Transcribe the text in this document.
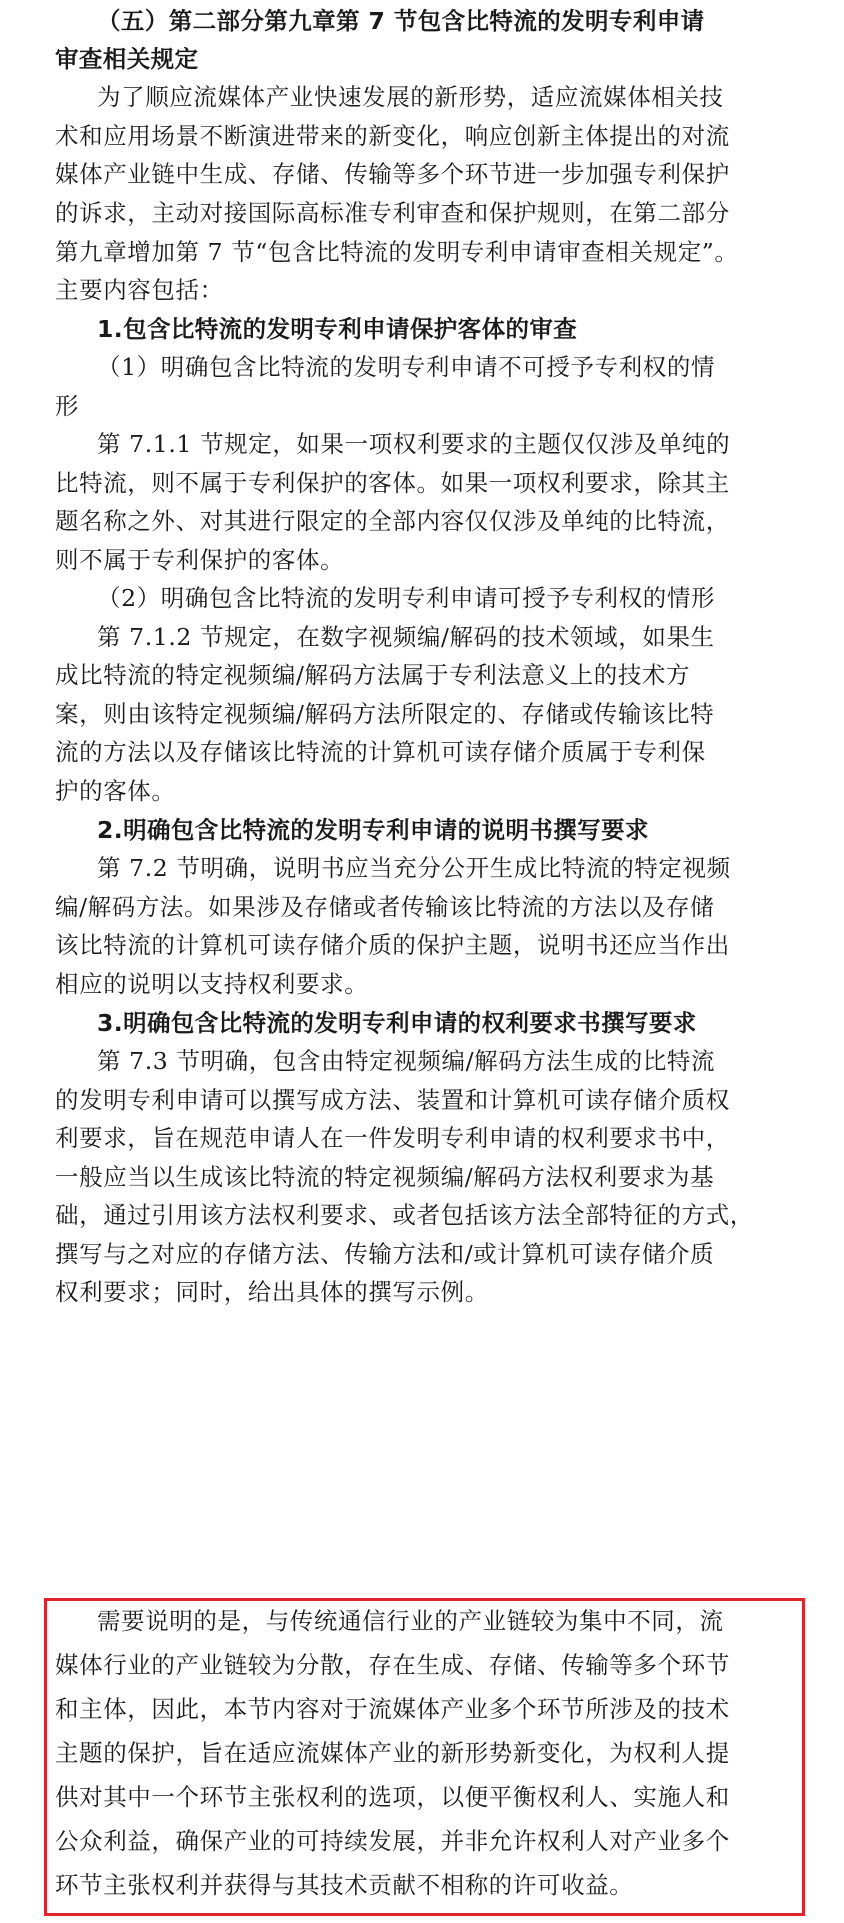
（五）第二部分第九章第 7 节包含比特流的发明专利申请
审查相关规定
为了顺应流媒体产业快速发展的新形势，适应流媒体相关技
术和应用场景不断演进带来的新变化，响应创新主体提出的对流
媒体产业链中生成、存储、传输等多个环节进一步加强专利保护
的诉求，主动对接国际高标准专利审查和保护规则，在第二部分
第九章增加第 7 节“包含比特流的发明专利申请审查相关规定”。
主要内容包括：
1.包含比特流的发明专利申请保护客体的审查
（1）明确包含比特流的发明专利申请不可授予专利权的情
形
第 7.1.1 节规定，如果一项权利要求的主题仅仅涉及单纯的
比特流，则不属于专利保护的客体。如果一项权利要求，除其主
题名称之外、对其进行限定的全部内容仅仅涉及单纯的比特流，
则不属于专利保护的客体。
（2）明确包含比特流的发明专利申请可授予专利权的情形
第 7.1.2 节规定，在数字视频编/解码的技术领域，如果生
成比特流的特定视频编/解码方法属于专利法意义上的技术方
案，则由该特定视频编/解码方法所限定的、存储或传输该比特
流的方法以及存储该比特流的计算机可读存储介质属于专利保
护的客体。
2.明确包含比特流的发明专利申请的说明书撰写要求
第 7.2 节明确，说明书应当充分公开生成比特流的特定视频
编/解码方法。如果涉及存储或者传输该比特流的方法以及存储
该比特流的计算机可读存储介质的保护主题，说明书还应当作出
相应的说明以支持权利要求。
3.明确包含比特流的发明专利申请的权利要求书撰写要求
第 7.3 节明确，包含由特定视频编/解码方法生成的比特流
的发明专利申请可以撰写成方法、装置和计算机可读存储介质权
利要求，旨在规范申请人在一件发明专利申请的权利要求书中，
一般应当以生成该比特流的特定视频编/解码方法权利要求为基
础，通过引用该方法权利要求、或者包括该方法全部特征的方式，
撰写与之对应的存储方法、传输方法和/或计算机可读存储介质
权利要求；同时，给出具体的撰写示例。
需要说明的是，与传统通信行业的产业链较为集中不同，流
媒体行业的产业链较为分散，存在生成、存储、传输等多个环节
和主体，因此，本节内容对于流媒体产业多个环节所涉及的技术
主题的保护，旨在适应流媒体产业的新形势新变化，为权利人提
供对其中一个环节主张权利的选项，以便平衡权利人、实施人和
公众利益，确保产业的可持续发展，并非允许权利人对产业多个
环节主张权利并获得与其技术贡献不相称的许可收益。
